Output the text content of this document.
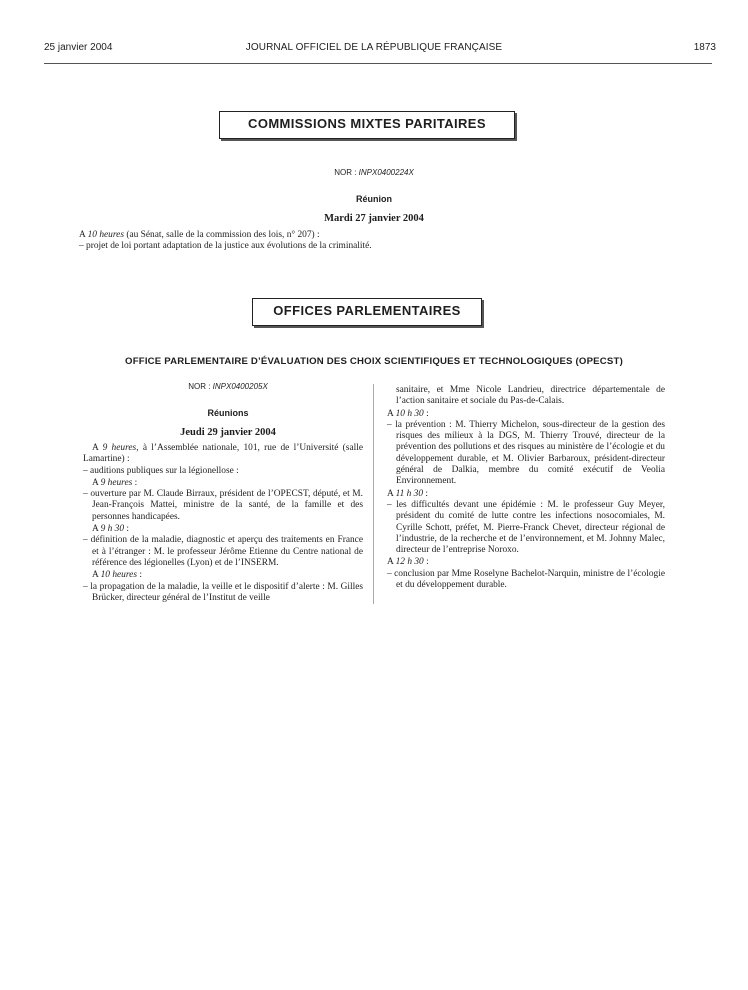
25 janvier 2004	JOURNAL OFFICIEL DE LA RÉPUBLIQUE FRANÇAISE	1873
COMMISSIONS MIXTES PARITAIRES
NOR : INPX0400224X
Réunion
Mardi 27 janvier 2004

A 10 heures (au Sénat, salle de la commission des lois, n° 207) :

– projet de loi portant adaptation de la justice aux évolutions de la criminalité.

OFFICES PARLEMENTAIRES
OFFICE PARLEMENTAIRE D’ÉVALUATION DES CHOIX SCIENTIFIQUES ET TECHNOLOGIQUES (OPECST)
NOR : INPX0400205X
Réunions
Jeudi 29 janvier 2004

A 9 heures, à l’Assemblée nationale, 101, rue de l’Université (salle Lamartine) :

– auditions publiques sur la légionellose :

A 9 heures :

– ouverture par M. Claude Birraux, président de l’OPECST, député, et M. Jean-François Mattei, ministre de la santé, de la famille et des personnes handicapées.

A 9 h 30 :

– définition de la maladie, diagnostic et aperçu des traitements en France et à l’étranger : M. le professeur Jérôme Etienne du Centre national de référence des légionelles (Lyon) et de l’INSERM.

A 10 heures :

– la propagation de la maladie, la veille et le dispositif d’alerte : M. Gilles Brücker, directeur général de l’Institut de veille

sanitaire, et Mme Nicole Landrieu, directrice départementale de l’action sanitaire et sociale du Pas-de-Calais.

A 10 h 30 :

– la prévention : M. Thierry Michelon, sous-directeur de la gestion des risques des milieux à la DGS, M. Thierry Trouvé, directeur de la prévention des pollutions et des risques au ministère de l’écologie et du développement durable, et M. Olivier Barbaroux, président-directeur général de Dalkia, membre du comité exécutif de Veolia Environnement.

A 11 h 30 :

– les difficultés devant une épidémie : M. le professeur Guy Meyer, président du comité de lutte contre les infections nosocomiales, M. Cyrille Schott, préfet, M. Pierre-Franck Chevet, directeur régional de l’industrie, de la recherche et de l’environnement, et M. Johnny Malec, directeur de l’entreprise Noroxo.

A 12 h 30 :

– conclusion par Mme Roselyne Bachelot-Narquin, ministre de l’écologie et du développement durable.
